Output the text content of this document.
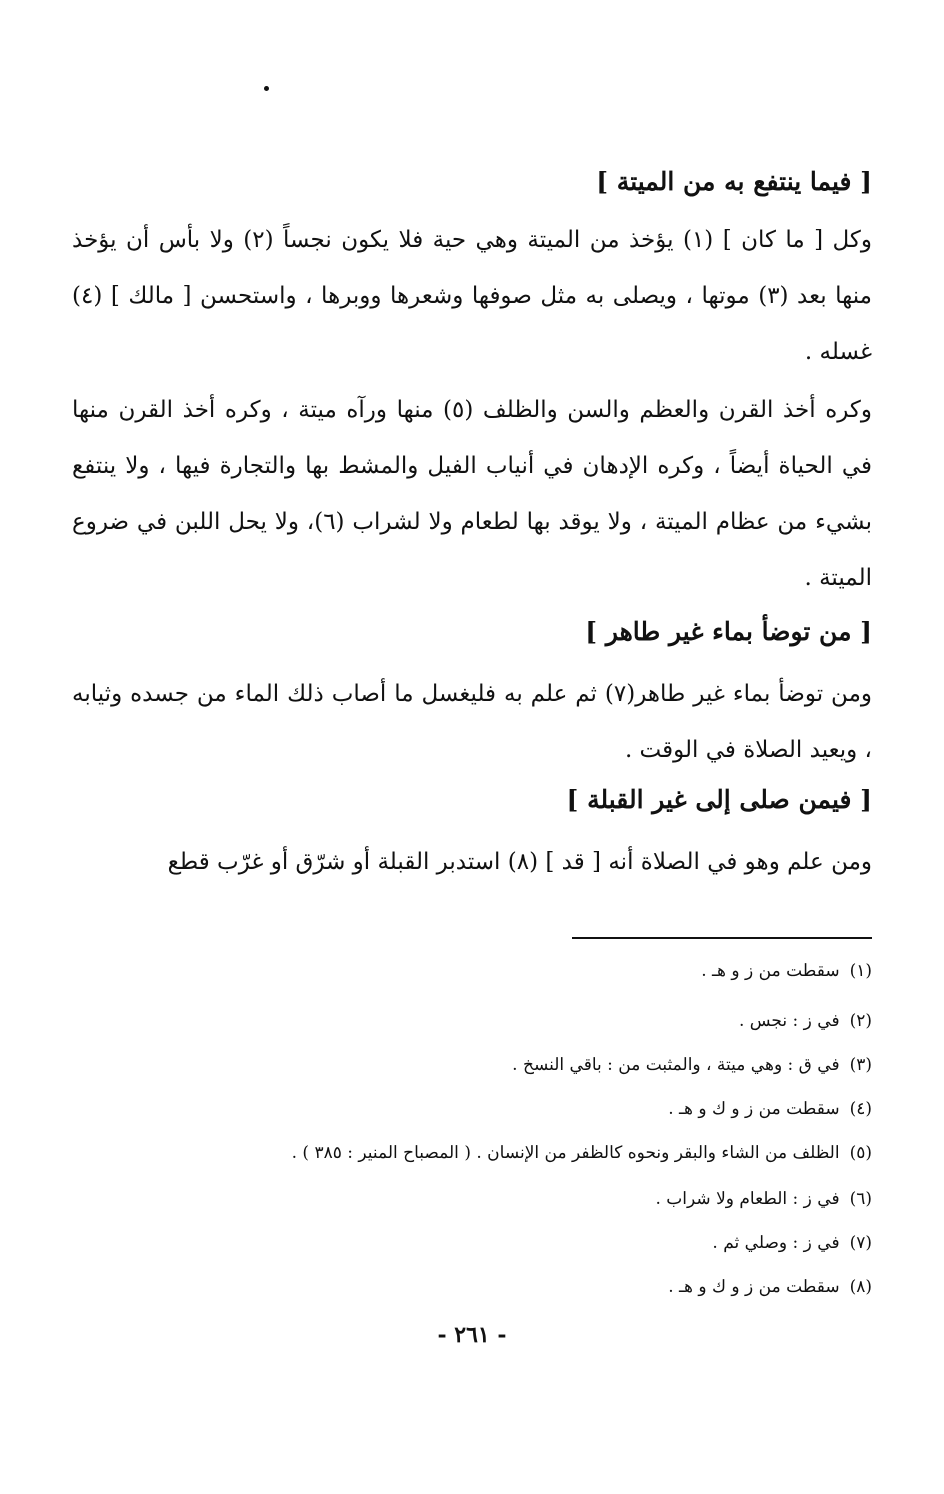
[ فيما ينتفع به من الميتة ]
وكل [ ما كان ] (١) يؤخذ من الميتة وهي حية فلا يكون نجساً (٢) ولا بأس أن يؤخذ منها بعد (٣) موتها ، ويصلى به مثل صوفها وشعرها ووبرها ، واستحسن [ مالك ] (٤) غسله .
وكره أخذ القرن والعظم والسن والظلف (٥) منها ورآه ميتة ، وكره أخذ القرن منها في الحياة أيضاً ، وكره الإدهان في أنياب الفيل والمشط بها والتجارة فيها ، ولا ينتفع بشيء من عظام الميتة ، ولا يوقد بها لطعام ولا لشراب (٦)، ولا يحل اللبن في ضروع الميتة .
[ من توضأ بماء غير طاهر ]
ومن توضأ بماء غير طاهر(٧) ثم علم به فليغسل ما أصاب ذلك الماء من جسده وثيابه ، ويعيد الصلاة في الوقت .
[ فيمن صلى إلى غير القبلة ]
ومن علم وهو في الصلاة أنه [ قد ] (٨) استدبر القبلة أو شرّق أو غرّب قطع
(١)سقطت من ز و هـ .
(٢)في ز : نجس .
(٣)في ق : وهي ميتة ، والمثبت من : باقي النسخ .
(٤)سقطت من ز و ك و هـ .
(٥)الظلف من الشاء والبقر ونحوه كالظفر من الإنسان . ( المصباح المنير : ٣٨٥ ) .
(٦)في ز : الطعام ولا شراب .
(٧)في ز : وصلي ثم .
(٨)سقطت من ز و ك و هـ .
- ٢٦١ -
